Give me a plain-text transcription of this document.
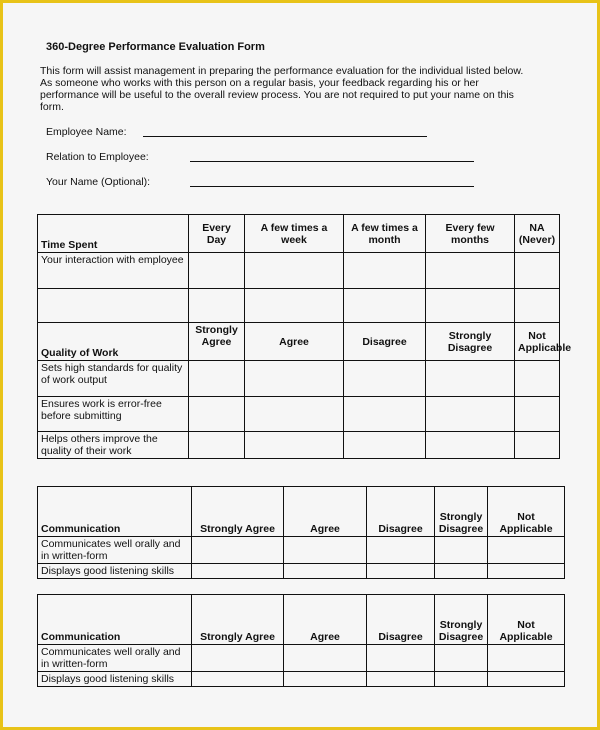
360-Degree Performance Evaluation Form
This form will assist management in preparing the performance evaluation for the individual listed below.
As someone who works with this person on a regular basis, your feedback regarding his or her
performance will be useful to the overall review process. You are not required to put your name on this
form.
Employee Name:
Relation to Employee:
Your Name (Optional):
Time Spent	Every Day	A few times a week	A few times a month	Every few months	NA (Never)
Your interaction with employee					

Quality of Work	Strongly Agree	Agree	Disagree	Strongly Disagree	Not Applicable
Sets high standards for quality of work output					
Ensures work is error-free before submitting					
Helps others improve the quality of their work					
Communication	Strongly Agree	Agree	Disagree	Strongly Disagree	Not Applicable
Communicates well orally and in written-form					
Displays good listening skills					
Communication	Strongly Agree	Agree	Disagree	Strongly Disagree	Not Applicable
Communicates well orally and in written-form					
Displays good listening skills					
